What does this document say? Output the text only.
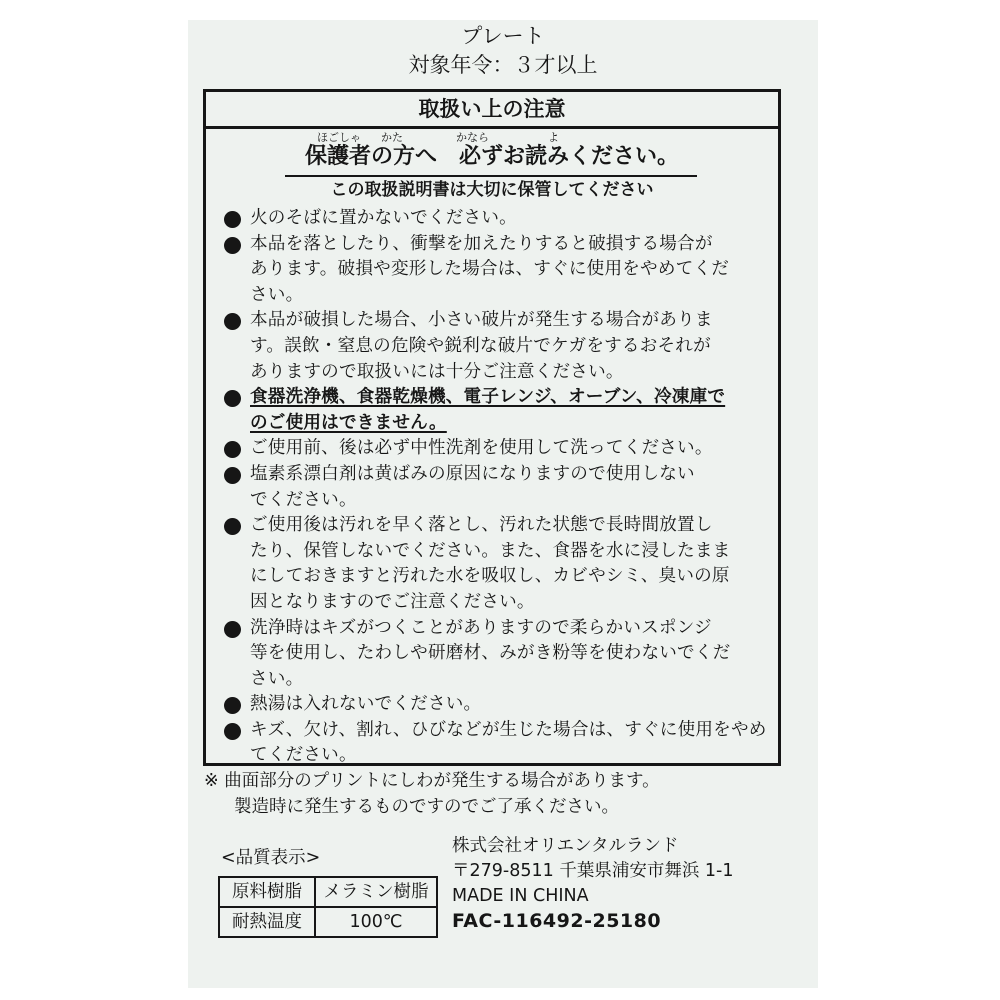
プレート
対象年令：３才以上
取扱い上の注意
ほごしゃ かた	かなら	よ
保護者の方へ　必ずお読みください。
この取扱説明書は大切に保管してください
火のそばに置かないでください。
本品を落としたり、衝撃を加えたりすると破損する場合が
あります。破損や変形した場合は、すぐに使用をやめてくだ
さい。
本品が破損した場合、小さい破片が発生する場合がありま
す。誤飲・窒息の危険や鋭利な破片でケガをするおそれが
ありますので取扱いには十分ご注意ください。
食器洗浄機、食器乾燥機、電子レンジ、オーブン、冷凍庫で
のご使用はできません。
ご使用前、後は必ず中性洗剤を使用して洗ってください。
塩素系漂白剤は黄ばみの原因になりますので使用しない
でください。
ご使用後は汚れを早く落とし、汚れた状態で長時間放置し
たり、保管しないでください。また、食器を水に浸したまま
にしておきますと汚れた水を吸収し、カビやシミ、臭いの原
因となりますのでご注意ください。
洗浄時はキズがつくことがありますので柔らかいスポンジ
等を使用し、たわしや研磨材、みがき粉等を使わないでくだ
さい。
熱湯は入れないでください。
キズ、欠け、割れ、ひびなどが生じた場合は、すぐに使用をやめ
てください。
※ 曲面部分のプリントにしわが発生する場合があります。
製造時に発生するものですのでご了承ください。
<品質表示>
原料樹脂	メラミン樹脂
耐熱温度	100℃
株式会社オリエンタルランド
〒279-8511 千葉県浦安市舞浜 1-1
MADE IN CHINA
FAC-116492-25180
